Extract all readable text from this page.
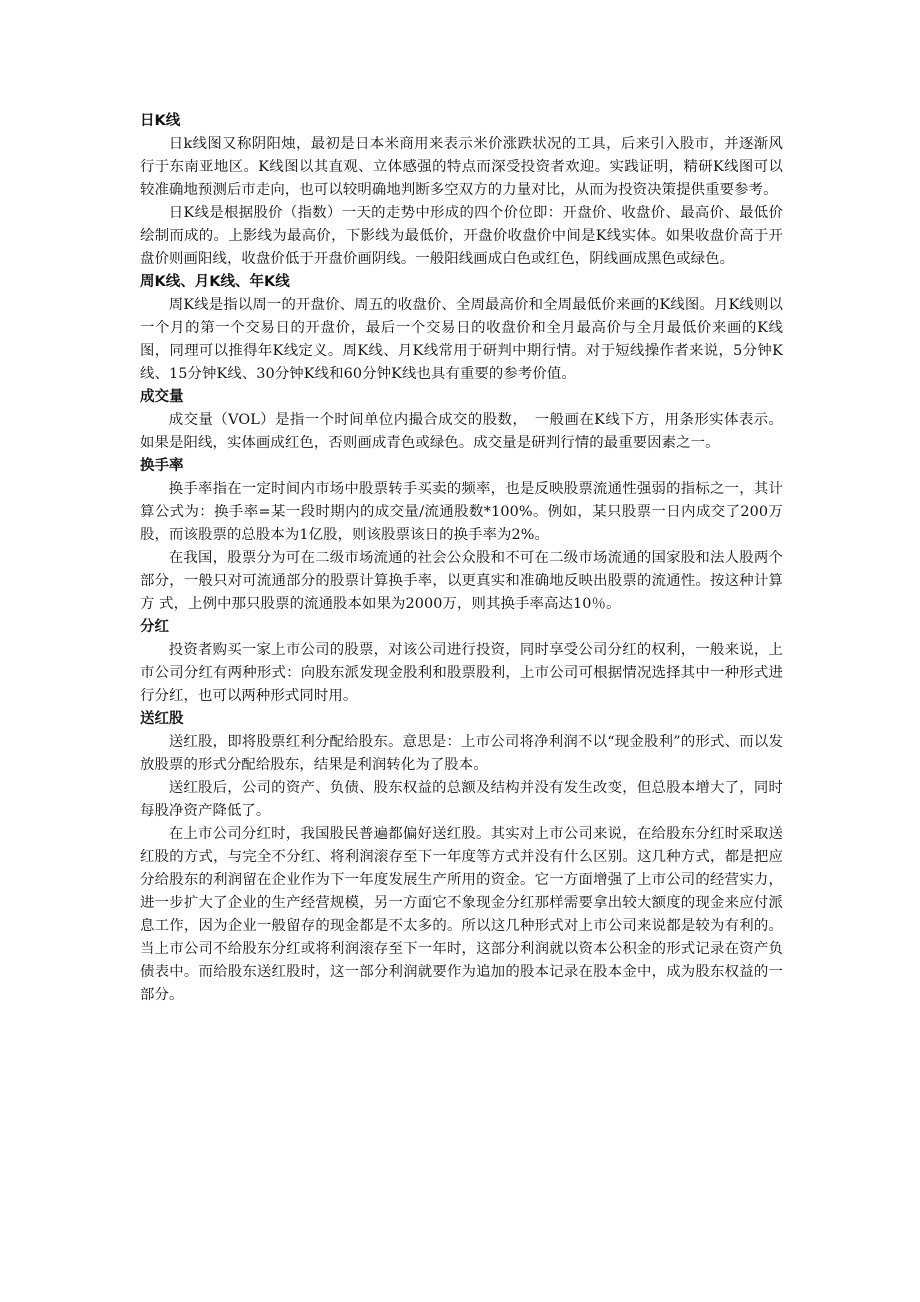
日K线

日k线图又称阴阳烛，最初是日本米商用来表示米价涨跌状况的工具，后来引入股市，并逐渐风行于东南亚地区。K线图以其直观、立体感强的特点而深受投资者欢迎。实践证明，精研K线图可以较准确地预测后市走向，也可以较明确地判断多空双方的力量对比，从而为投资决策提供重要参考。

日K线是根据股价（指数）一天的走势中形成的四个价位即：开盘价、收盘价、最高价、最低价绘制而成的。上影线为最高价，下影线为最低价，开盘价收盘价中间是K线实体。如果收盘价高于开盘价则画阳线，收盘价低于开盘价画阴线。一般阳线画成白色或红色，阴线画成黑色或绿色。

周K线、月K线、年K线

周K线是指以周一的开盘价、周五的收盘价、全周最高价和全周最低价来画的K线图。月K线则以一个月的第一个交易日的开盘价，最后一个交易日的收盘价和全月最高价与全月最低价来画的K线图，同理可以推得年K线定义。周K线、月K线常用于研判中期行情。对于短线操作者来说，5分钟K线、15分钟K线、30分钟K线和60分钟K线也具有重要的参考价值。

成交量

成交量（VOL）是指一个时间单位内撮合成交的股数，　一般画在K线下方，用条形实体表示。如果是阳线，实体画成红色，否则画成青色或绿色。成交量是研判行情的最重要因素之一。

换手率

换手率指在一定时间内市场中股票转手买卖的频率，也是反映股票流通性强弱的指标之一，其计算公式为：换手率=某一段时期内的成交量/流通股数*100%。例如，某只股票一日内成交了200万股，而该股票的总股本为1亿股，则该股票该日的换手率为2%。

在我国，股票分为可在二级市场流通的社会公众股和不可在二级市场流通的国家股和法人股两个部分，一般只对可流通部分的股票计算换手率，以更真实和准确地反映出股票的流通性。按这种计算方 式，上例中那只股票的流通股本如果为2000万，则其换手率高达10％。

分红

投资者购买一家上市公司的股票，对该公司进行投资，同时享受公司分红的权利，一般来说，上市公司分红有两种形式：向股东派发现金股利和股票股利，上市公司可根据情况选择其中一种形式进行分红，也可以两种形式同时用。

送红股

送红股，即将股票红利分配给股东。意思是：上市公司将净利润不以“现金股利”的形式、而以发放股票的形式分配给股东，结果是利润转化为了股本。

送红股后，公司的资产、负债、股东权益的总额及结构并没有发生改变，但总股本增大了，同时每股净资产降低了。

在上市公司分红时，我国股民普遍都偏好送红股。其实对上市公司来说，在给股东分红时采取送红股的方式，与完全不分红、将利润滚存至下一年度等方式并没有什么区别。这几种方式，都是把应分给股东的利润留在企业作为下一年度发展生产所用的资金。它一方面增强了上市公司的经营实力，进一步扩大了企业的生产经营规模，另一方面它不象现金分红那样需要拿出较大额度的现金来应付派息工作，因为企业一般留存的现金都是不太多的。所以这几种形式对上市公司来说都是较为有利的。当上市公司不给股东分红或将利润滚存至下一年时，这部分利润就以资本公积金的形式记录在资产负债表中。而给股东送红股时，这一部分利润就要作为追加的股本记录在股本金中，成为股东权益的一部分。
